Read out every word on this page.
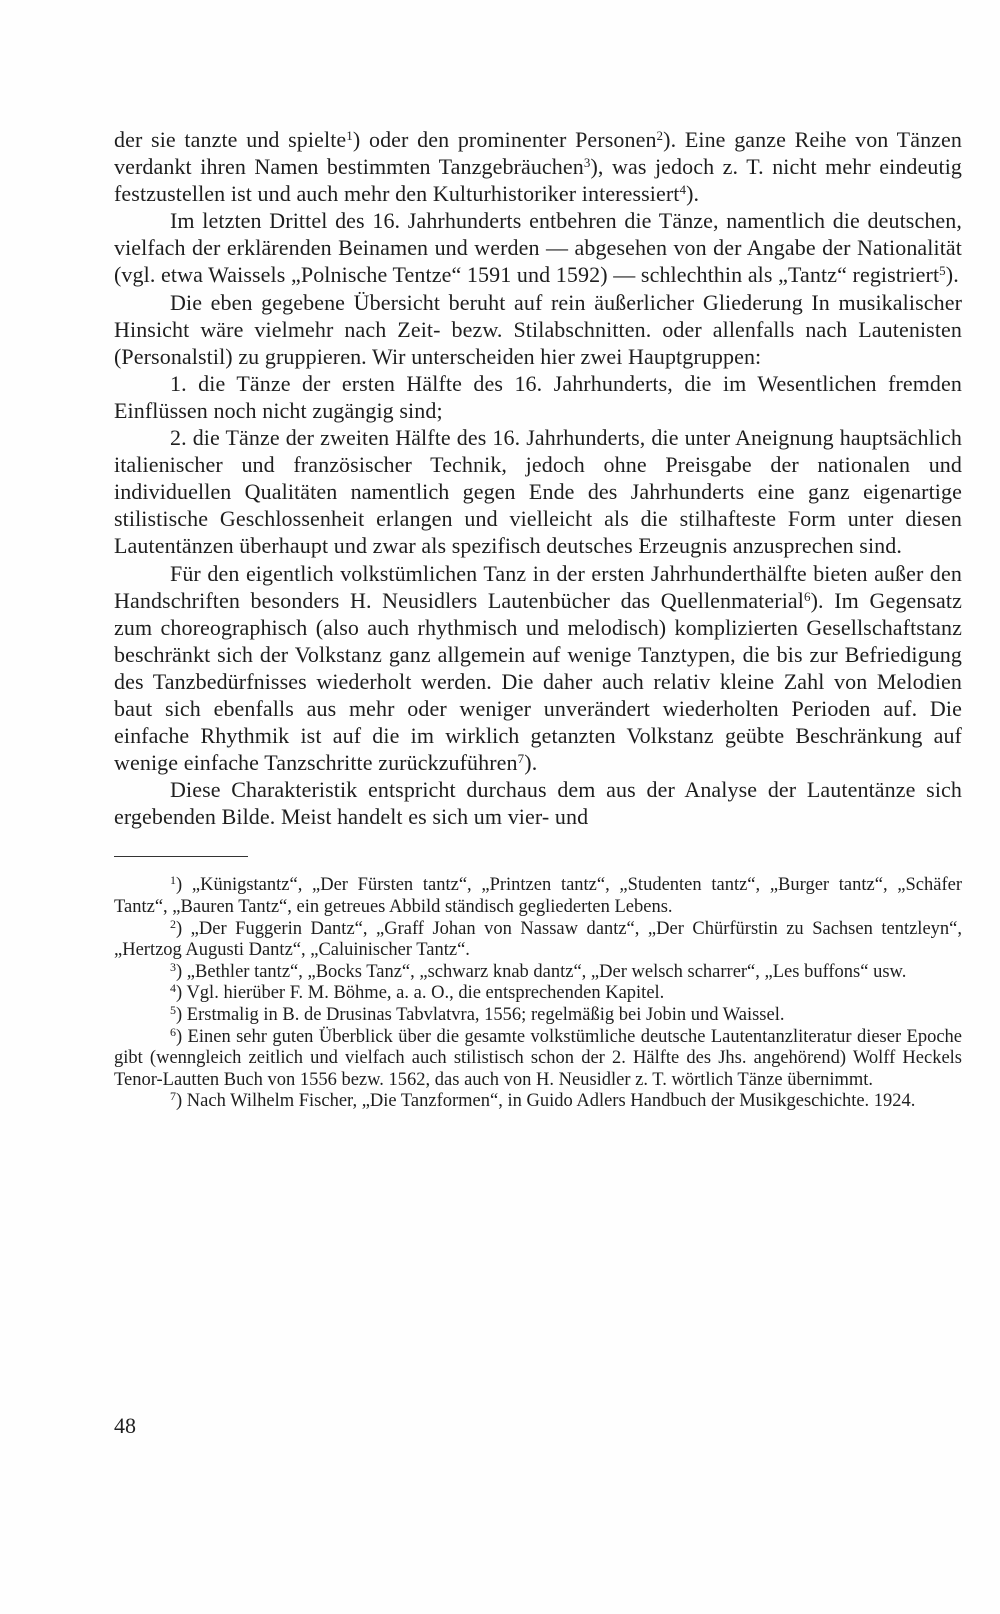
der sie tanzte und spielte$^1$) oder den prominenter Personen$^2$). Eine ganze Reihe von Tänzen verdankt ihren Namen bestimmten Tanzgebräuchen$^3$), was jedoch z. T. nicht mehr eindeutig festzustellen ist und auch mehr den Kulturhistoriker interessiert$^4$).

Im letzten Drittel des 16. Jahrhunderts entbehren die Tänze, namentlich die deutschen, vielfach der erklärenden Beinamen und werden — abgesehen von der Angabe der Nationalität (vgl. etwa Waissels „Polnische Tentze“ 1591 und 1592) — schlechthin als „Tantz“ registriert$^5$).

Die eben gegebene Übersicht beruht auf rein äußerlicher Gliederung In musikalischer Hinsicht wäre vielmehr nach Zeit- bezw. Stilabschnitten. oder allenfalls nach Lautenisten (Personalstil) zu gruppieren. Wir unterscheiden hier zwei Hauptgruppen:

1. die Tänze der ersten Hälfte des 16. Jahrhunderts, die im Wesentlichen fremden Einflüssen noch nicht zugängig sind;

2. die Tänze der zweiten Hälfte des 16. Jahrhunderts, die unter Aneignung hauptsächlich italienischer und französischer Technik, jedoch ohne Preisgabe der nationalen und individuellen Qualitäten namentlich gegen Ende des Jahrhunderts eine ganz eigenartige stilistische Geschlossenheit erlangen und vielleicht als die stilhafteste Form unter diesen Lautentänzen überhaupt und zwar als spezifisch deutsches Erzeugnis anzusprechen sind.

Für den eigentlich volkstümlichen Tanz in der ersten Jahrhunderthälfte bieten außer den Handschriften besonders H. Neusidlers Lautenbücher das Quellenmaterial$^6$). Im Gegensatz zum choreographisch (also auch rhythmisch und melodisch) komplizierten Gesellschaftstanz beschränkt sich der Volkstanz ganz allgemein auf wenige Tanztypen, die bis zur Befriedigung des Tanzbedürfnisses wiederholt werden. Die daher auch relativ kleine Zahl von Melodien baut sich ebenfalls aus mehr oder weniger unverändert wiederholten Perioden auf. Die einfache Rhythmik ist auf die im wirklich getanzten Volkstanz geübte Beschränkung auf wenige einfache Tanzschritte zurückzuführen$^7$).

Diese Charakteristik entspricht durchaus dem aus der Analyse der Lautentänze sich ergebenden Bilde. Meist handelt es sich um vier- und

$^1$) „Künigstantz“, „Der Fürsten tantz“, „Printzen tantz“, „Studenten tantz“, „Burger tantz“, „Schäfer Tantz“, „Bauren Tantz“, ein getreues Abbild ständisch gegliederten Lebens.

$^2$) „Der Fuggerin Dantz“, „Graff Johan von Nassaw dantz“, „Der Chürfürstin zu Sachsen tentzleyn“, „Hertzog Augusti Dantz“, „Caluinischer Tantz“.

$^3$) „Bethler tantz“, „Bocks Tanz“, „schwarz knab dantz“, „Der welsch scharrer“, „Les buffons“ usw.

$^4$) Vgl. hierüber F. M. Böhme, a. a. O., die entsprechenden Kapitel.

$^5$) Erstmalig in B. de Drusinas Tabvlatvra, 1556; regelmäßig bei Jobin und Waissel.

$^6$) Einen sehr guten Überblick über die gesamte volkstümliche deutsche Lautentanzliteratur dieser Epoche gibt (wenngleich zeitlich und vielfach auch stilistisch schon der 2. Hälfte des Jhs. angehörend) Wolff Heckels Tenor-Lautten Buch von 1556 bezw. 1562, das auch von H. Neusidler z. T. wörtlich Tänze übernimmt.

$^7$) Nach Wilhelm Fischer, „Die Tanzformen“, in Guido Adlers Handbuch der Musikgeschichte. 1924.

48
